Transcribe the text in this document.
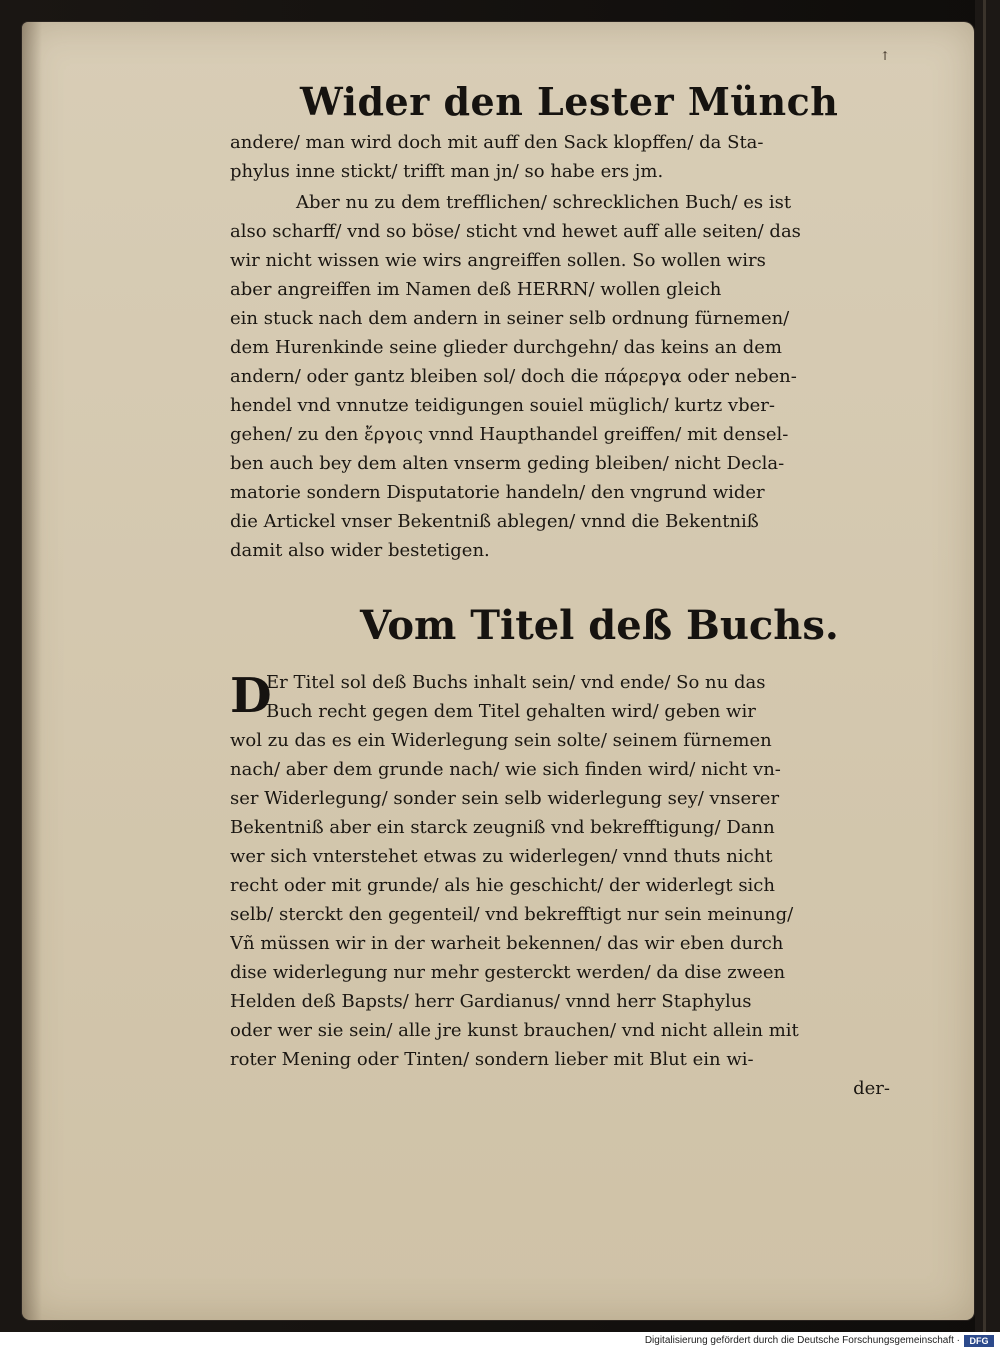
↑
Wider den Lester Münch
andere/ man wird doch mit auff den Sack klopffen/ da Sta-
phylus inne stickt/ trifft man jn/ so habe ers jm.
Aber nu zu dem trefflichen/ schrecklichen Buch/ es ist
also scharff/ vnd so böse/ sticht vnd hewet auff alle seiten/ das
wir nicht wissen wie wirs angreiffen sollen. So wollen wirs
aber angreiffen im Namen deß HERRN/ wollen gleich
ein stuck nach dem andern in seiner selb ordnung fürnemen/
dem Hurenkinde seine glieder durchgehn/ das keins an dem
andern/ oder gantz bleiben sol/ doch die πάρεργα oder neben-
hendel vnd vnnutze teidigungen souiel müglich/ kurtz vber-
gehen/ zu den ἔργοις vnnd Haupthandel greiffen/ mit densel-
ben auch bey dem alten vnserm geding bleiben/ nicht Decla-
matorie sondern Disputatorie handeln/ den vngrund wider
die Artickel vnser Bekentniß ablegen/ vnnd die Bekentniß
damit also wider bestetigen.
Vom Titel deß Buchs.
D
Er Titel sol deß Buchs inhalt sein/ vnd ende/ So nu das
Buch recht gegen dem Titel gehalten wird/ geben wir
wol zu das es ein Widerlegung sein solte/ seinem fürnemen
nach/ aber dem grunde nach/ wie sich finden wird/ nicht vn-
ser Widerlegung/ sonder sein selb widerlegung sey/ vnserer
Bekentniß aber ein starck zeugniß vnd bekrefftigung/ Dann
wer sich vnterstehet etwas zu widerlegen/ vnnd thuts nicht
recht oder mit grunde/ als hie geschicht/ der widerlegt sich
selb/ sterckt den gegenteil/ vnd bekrefftigt nur sein meinung/
Vñ müssen wir in der warheit bekennen/ das wir eben durch
dise widerlegung nur mehr gesterckt werden/ da dise zween
Helden deß Bapsts/ herr Gardianus/ vnnd herr Staphylus
oder wer sie sein/ alle jre kunst brauchen/ vnd nicht allein mit
roter Mening oder Tinten/ sondern lieber mit Blut ein wi-
der-
Digitalisierung gefördert durch die Deutsche Forschungsgemeinschaft ·	DFG
